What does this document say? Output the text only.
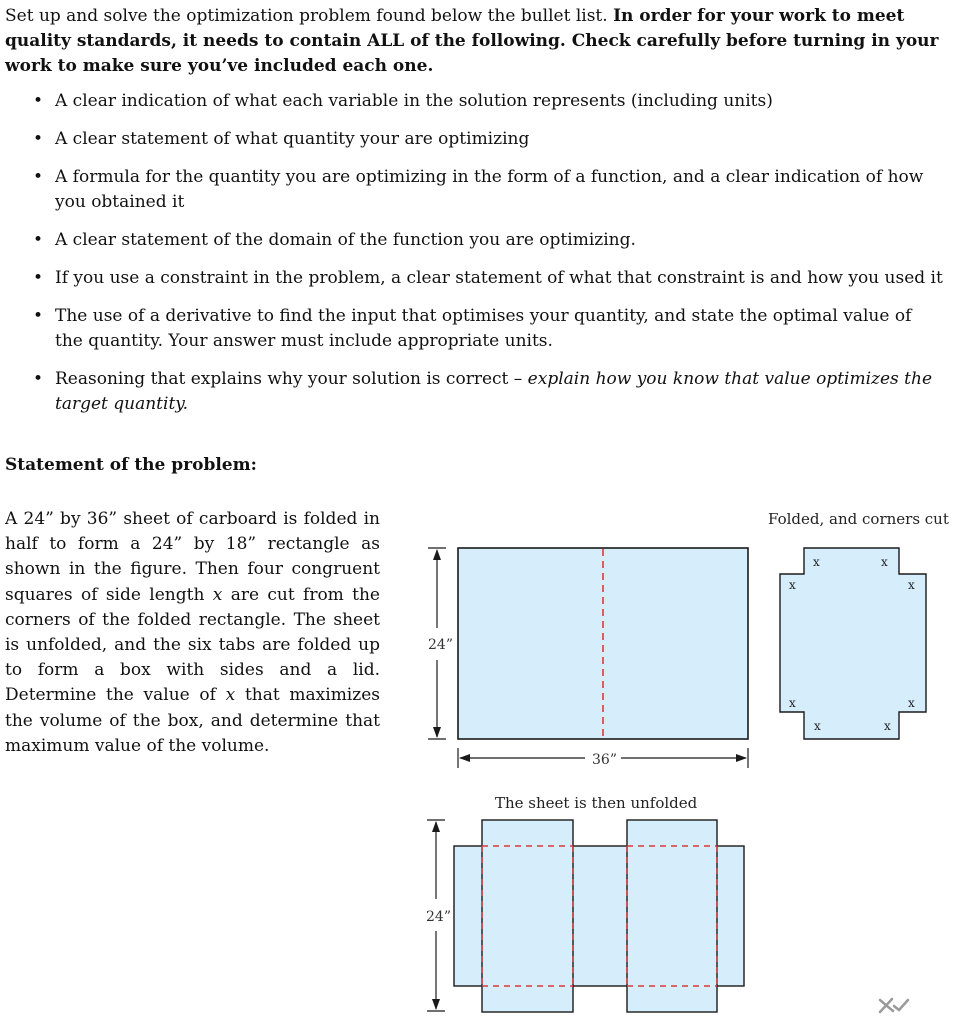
Set up and solve the optimization problem found below the bullet list. In order for your work to meet quality standards, it needs to contain ALL of the following. Check carefully before turning in your work to make sure you’ve included each one.
• A clear indication of what each variable in the solution represents (including units)
• A clear statement of what quantity your are optimizing
• A formula for the quantity you are optimizing in the form of a function, and a clear indication of how you obtained it
• A clear statement of the domain of the function you are optimizing.
• If you use a constraint in the problem, a clear statement of what that constraint is and how you used it
• The use of a derivative to find the input that optimises your quantity, and state the optimal value of the quantity. Your answer must include appropriate units.
• Reasoning that explains why your solution is correct – explain how you know that value optimizes the target quantity.
Statement of the problem:
A 24” by 36” sheet of carboard is folded in half to form a 24” by 18” rectangle as shown in the figure. Then four congruent squares of side length x are cut from the corners of the folded rectangle. The sheet is unfolded, and the six tabs are folded up to form a box with sides and a lid. Determine the value of x that maximizes the volume of the box, and determine that maximum value of the volume.
24”
36”
Folded, and corners cut
x	x
x	x
x	x
x	x
The sheet is then unfolded
24”
